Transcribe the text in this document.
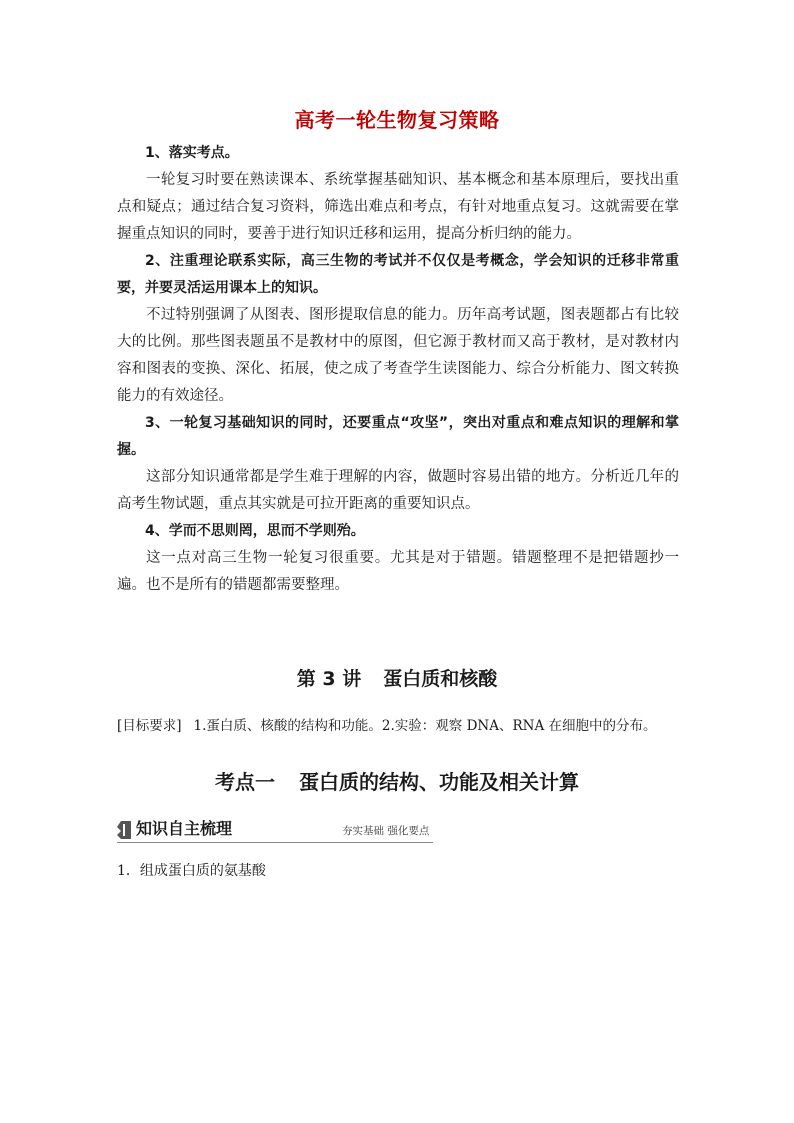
高考一轮生物复习策略

1、落实考点。

一轮复习时要在熟读课本、系统掌握基础知识、基本概念和基本原理后，要找出重点和疑点；通过结合复习资料，筛选出难点和考点，有针对地重点复习。这就需要在掌握重点知识的同时，要善于进行知识迁移和运用，提高分析归纳的能力。

2、注重理论联系实际，高三生物的考试并不仅仅是考概念，学会知识的迁移非常重要，并要灵活运用课本上的知识。

不过特别强调了从图表、图形提取信息的能力。历年高考试题，图表题都占有比较大的比例。那些图表题虽不是教材中的原图，但它源于教材而又高于教材，是对教材内容和图表的变换、深化、拓展，使之成了考查学生读图能力、综合分析能力、图文转换能力的有效途径。

3、一轮复习基础知识的同时，还要重点“攻坚”，突出对重点和难点知识的理解和掌握。

这部分知识通常都是学生难于理解的内容，做题时容易出错的地方。分析近几年的高考生物试题，重点其实就是可拉开距离的重要知识点。

4、学而不思则罔，思而不学则殆。

这一点对高三生物一轮复习很重要。尤其是对于错题。错题整理不是把错题抄一遍。也不是所有的错题都需要整理。

第 3 讲 蛋白质和核酸
[目标要求] 1.蛋白质、核酸的结构和功能。2.实验：观察 DNA、RNA 在细胞中的分布。
考点一 蛋白质的结构、功能及相关计算
知识自主梳理	夯实基础 强化要点
1．组成蛋白质的氨基酸
